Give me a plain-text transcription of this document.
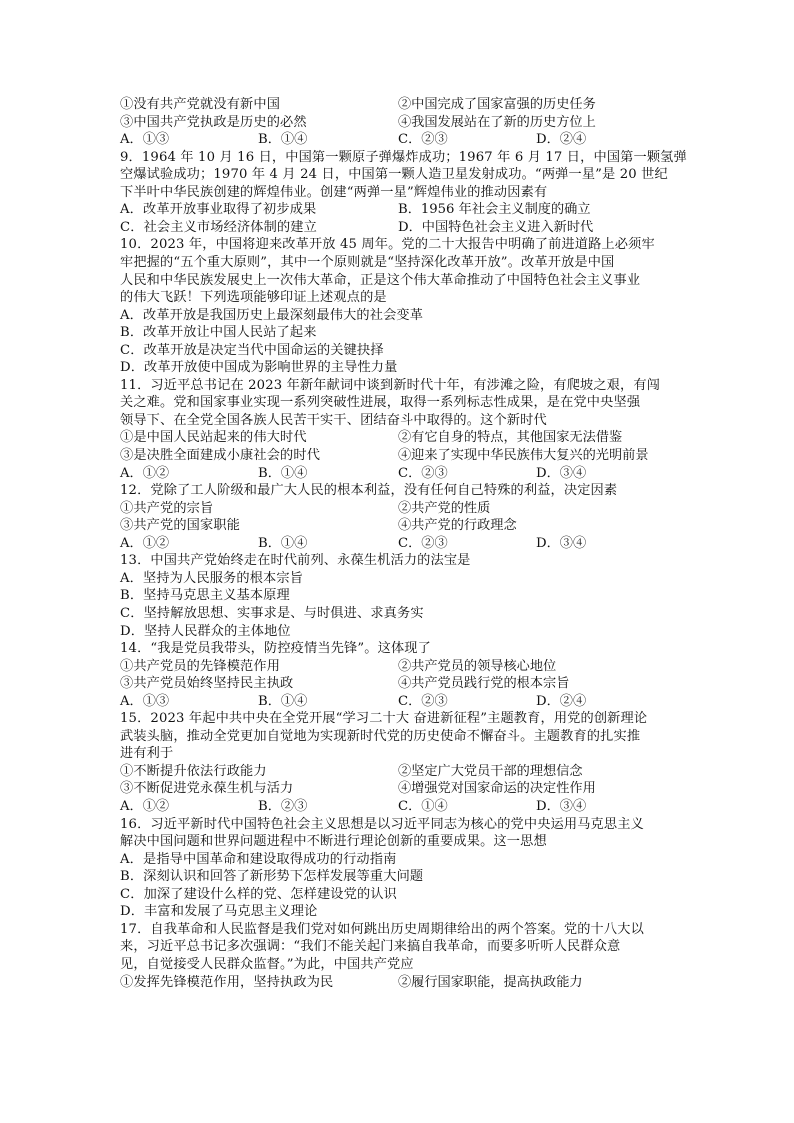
①没有共产党就没有新中国	②中国完成了国家富强的历史任务
③中国共产党执政是历史的必然	④我国发展站在了新的历史方位上
A．①③	B．①④	C．②③	D．②④
9．1964 年 10 月 16 日，中国第一颗原子弹爆炸成功；1967 年 6 月 17 日，中国第一颗氢弹
空爆试验成功；1970 年 4 月 24 日，中国第一颗人造卫星发射成功。“两弹一星”是 20 世纪
下半叶中华民族创建的辉煌伟业。创建“两弹一星”辉煌伟业的推动因素有
A．改革开放事业取得了初步成果	B．1956 年社会主义制度的确立
C．社会主义市场经济体制的建立	D．中国特色社会主义进入新时代
10．2023 年，中国将迎来改革开放 45 周年。党的二十大报告中明确了前进道路上必须牢
牢把握的“五个重大原则”，其中一个原则就是“坚持深化改革开放”。改革开放是中国
人民和中华民族发展史上一次伟大革命，正是这个伟大革命推动了中国特色社会主义事业
的伟大飞跃！下列选项能够印证上述观点的是
A．改革开放是我国历史上最深刻最伟大的社会变革
B．改革开放让中国人民站了起来
C．改革开放是决定当代中国命运的关键抉择
D．改革开放使中国成为影响世界的主导性力量
11．习近平总书记在 2023 年新年献词中谈到新时代十年，有涉滩之险，有爬坡之艰，有闯
关之难。党和国家事业实现一系列突破性进展，取得一系列标志性成果，是在党中央坚强
领导下、在全党全国各族人民苦干实干、团结奋斗中取得的。这个新时代
①是中国人民站起来的伟大时代	②有它自身的特点，其他国家无法借鉴
③是决胜全面建成小康社会的时代	④迎来了实现中华民族伟大复兴的光明前景
A．①②	B．①④	C．②③	D．③④
12．党除了工人阶级和最广大人民的根本利益，没有任何自己特殊的利益，决定因素
①共产党的宗旨	②共产党的性质
③共产党的国家职能	④共产党的行政理念
A．①②	B．①④	C．②③	D．③④
13．中国共产党始终走在时代前列、永葆生机活力的法宝是
A．坚持为人民服务的根本宗旨
B．坚持马克思主义基本原理
C．坚持解放思想、实事求是、与时俱进、求真务实
D．坚持人民群众的主体地位
14．“我是党员我带头，防控疫情当先锋”。这体现了
①共产党员的先锋模范作用	②共产党员的领导核心地位
③共产党员始终坚持民主执政	④共产党员践行党的根本宗旨
A．①③	B．①④	C．②③	D．②④
15．2023 年起中共中央在全党开展“学习二十大 奋进新征程”主题教育，用党的创新理论
武装头脑，推动全党更加自觉地为实现新时代党的历史使命不懈奋斗。主题教育的扎实推
进有利于
①不断提升依法行政能力	②坚定广大党员干部的理想信念
③不断促进党永葆生机与活力	④增强党对国家命运的决定性作用
A．①②	B．②③	C．①④	D．③④
16．习近平新时代中国特色社会主义思想是以习近平同志为核心的党中央运用马克思主义
解决中国问题和世界问题进程中不断进行理论创新的重要成果。这一思想
A．是指导中国革命和建设取得成功的行动指南
B．深刻认识和回答了新形势下怎样发展等重大问题
C．加深了建设什么样的党、怎样建设党的认识
D．丰富和发展了马克思主义理论
17．自我革命和人民监督是我们党对如何跳出历史周期律给出的两个答案。党的十八大以
来，习近平总书记多次强调：“我们不能关起门来搞自我革命，而要多听听人民群众意
见，自觉接受人民群众监督。”为此，中国共产党应
①发挥先锋模范作用，坚持执政为民	②履行国家职能，提高执政能力
